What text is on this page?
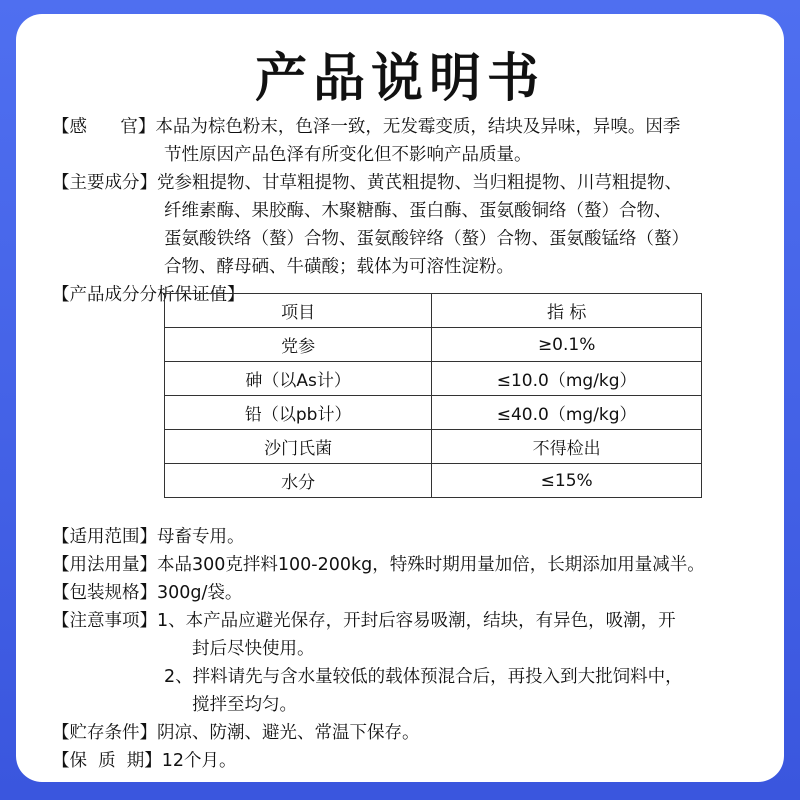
产品说明书
【感      官】本品为棕色粉末，色泽一致，无发霉变质，结块及异味，异嗅。因季
节性原因产品色泽有所变化但不影响产品质量。
【主要成分】党参粗提物、甘草粗提物、黄芪粗提物、当归粗提物、川芎粗提物、
纤维素酶、果胶酶、木聚糖酶、蛋白酶、蛋氨酸铜络（螯）合物、
蛋氨酸铁络（螯）合物、蛋氨酸锌络（螯）合物、蛋氨酸锰络（螯）
合物、酵母硒、牛磺酸；载体为可溶性淀粉。
【产品成分分析保证值】
项目	指 标
党参	≥0.1%
砷（以As计）	≤10.0（mg/kg）
铅（以pb计）	≤40.0（mg/kg）
沙门氏菌	不得检出
水分	≤15%
【适用范围】母畜专用。
【用法用量】本品300克拌料100-200kg，特殊时期用量加倍，长期添加用量减半。
【包装规格】300g/袋。
【注意事项】1、本产品应避光保存，开封后容易吸潮，结块，有异色，吸潮，开
封后尽快使用。
2、拌料请先与含水量较低的载体预混合后，再投入到大批饲料中，
搅拌至均匀。
【贮存条件】阴凉、防潮、避光、常温下保存。
【保  质  期】12个月。
